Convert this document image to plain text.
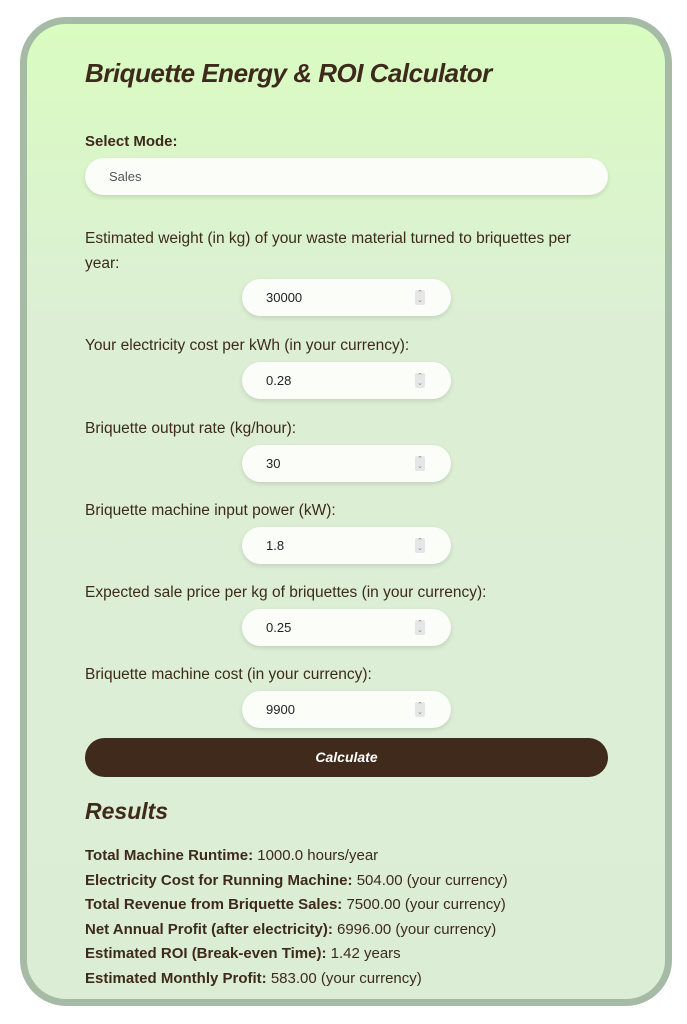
Briquette Energy & ROI Calculator
Select Mode:
Sales
Estimated weight (in kg) of your waste material turned to briquettes per year:
30000	⌃
⌄
Your electricity cost per kWh (in your currency):
0.28	⌃
⌄
Briquette output rate (kg/hour):
30	⌃
⌄
Briquette machine input power (kW):
1.8	⌃
⌄
Expected sale price per kg of briquettes (in your currency):
0.25	⌃
⌄
Briquette machine cost (in your currency):
9900	⌃
⌄
Calculate
Results
Total Machine Runtime: 1000.0 hours/year
Electricity Cost for Running Machine: 504.00 (your currency)
Total Revenue from Briquette Sales: 7500.00 (your currency)
Net Annual Profit (after electricity): 6996.00 (your currency)
Estimated ROI (Break-even Time): 1.42 years
Estimated Monthly Profit: 583.00 (your currency)
